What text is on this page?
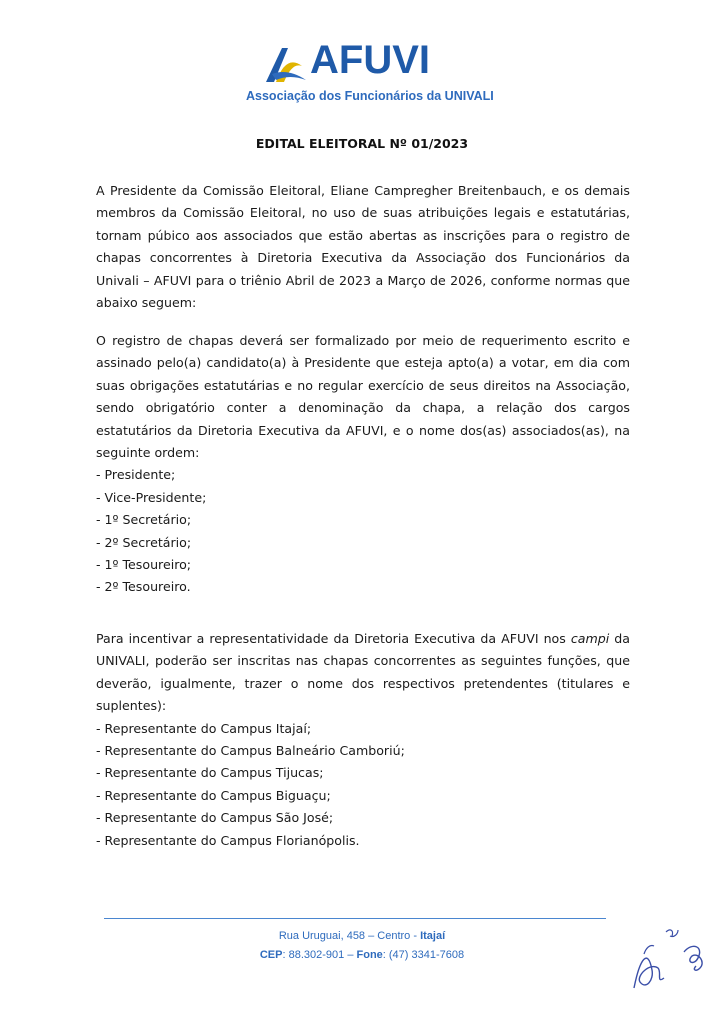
AFUVI
Associação dos Funcionários da UNIVALI
EDITAL ELEITORAL Nº 01/2023
A Presidente da Comissão Eleitoral, Eliane Campregher Breitenbauch, e os demais membros da Comissão Eleitoral, no uso de suas atribuições legais e estatutárias, tornam púbico aos associados que estão abertas as inscrições para o registro de chapas concorrentes à Diretoria Executiva da Associação dos Funcionários da Univali – AFUVI para o triênio Abril de 2023 a Março de 2026, conforme normas que abaixo seguem:
O registro de chapas deverá ser formalizado por meio de requerimento escrito e assinado pelo(a) candidato(a) à Presidente que esteja apto(a) a votar, em dia com suas obrigações estatutárias e no regular exercício de seus direitos na Associação, sendo obrigatório conter a denominação da chapa, a relação dos cargos estatutários da Diretoria Executiva da AFUVI, e o nome dos(as) associados(as), na seguinte ordem:
- Presidente;
- Vice-Presidente;
- 1º Secretário;
- 2º Secretário;
- 1º Tesoureiro;
- 2º Tesoureiro.
Para incentivar a representatividade da Diretoria Executiva da AFUVI nos campi da UNIVALI, poderão ser inscritas nas chapas concorrentes as seguintes funções, que deverão, igualmente, trazer o nome dos respectivos pretendentes (titulares e suplentes):
- Representante do Campus Itajaí;
- Representante do Campus Balneário Camboriú;
- Representante do Campus Tijucas;
- Representante do Campus Biguaçu;
- Representante do Campus São José;
- Representante do Campus Florianópolis.
Rua Uruguai, 458 – Centro - Itajaí
CEP: 88.302-901 – Fone: (47) 3341-7608
